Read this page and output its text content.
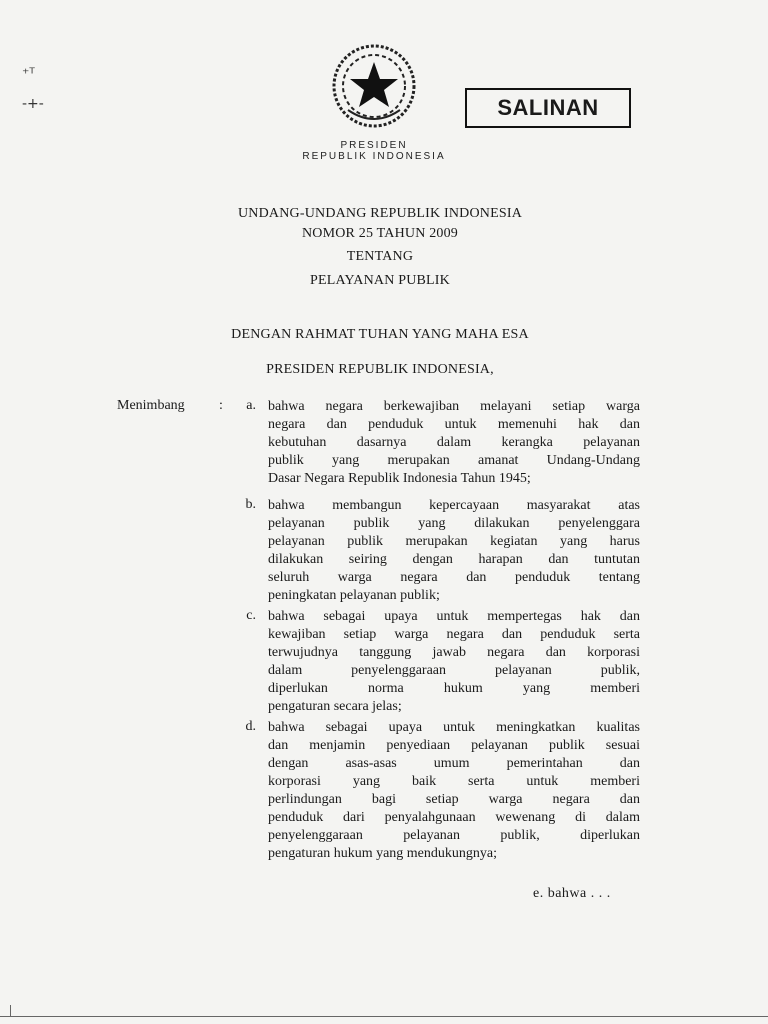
⁺ᵀ
-+-	SALINAN
PRESIDEN
REPUBLIK INDONESIA
UNDANG-UNDANG REPUBLIK INDONESIA
NOMOR 25 TAHUN 2009
TENTANG
PELAYANAN PUBLIK
DENGAN RAHMAT TUHAN YANG MAHA ESA
PRESIDEN REPUBLIK INDONESIA,
Menimbang :	a. bahwa negara berkewajiban melayani setiap warga
negara dan penduduk untuk memenuhi hak dan
kebutuhan dasarnya dalam kerangka pelayanan
publik yang merupakan amanat Undang-Undang
Dasar Negara Republik Indonesia Tahun 1945;
b. bahwa membangun kepercayaan masyarakat atas
pelayanan publik yang dilakukan penyelenggara
pelayanan publik merupakan kegiatan yang harus
dilakukan seiring dengan harapan dan tuntutan
seluruh warga negara dan penduduk tentang
peningkatan pelayanan publik;
c. bahwa sebagai upaya untuk mempertegas hak dan
kewajiban setiap warga negara dan penduduk serta
terwujudnya tanggung jawab negara dan korporasi
dalam penyelenggaraan pelayanan publik,
diperlukan norma hukum yang memberi
pengaturan secara jelas;
d. bahwa sebagai upaya untuk meningkatkan kualitas
dan menjamin penyediaan pelayanan publik sesuai
dengan asas-asas umum pemerintahan dan
korporasi yang baik serta untuk memberi
perlindungan bagi setiap warga negara dan
penduduk dari penyalahgunaan wewenang di dalam
penyelenggaraan pelayanan publik, diperlukan
pengaturan hukum yang mendukungnya;
e. bahwa . . .
